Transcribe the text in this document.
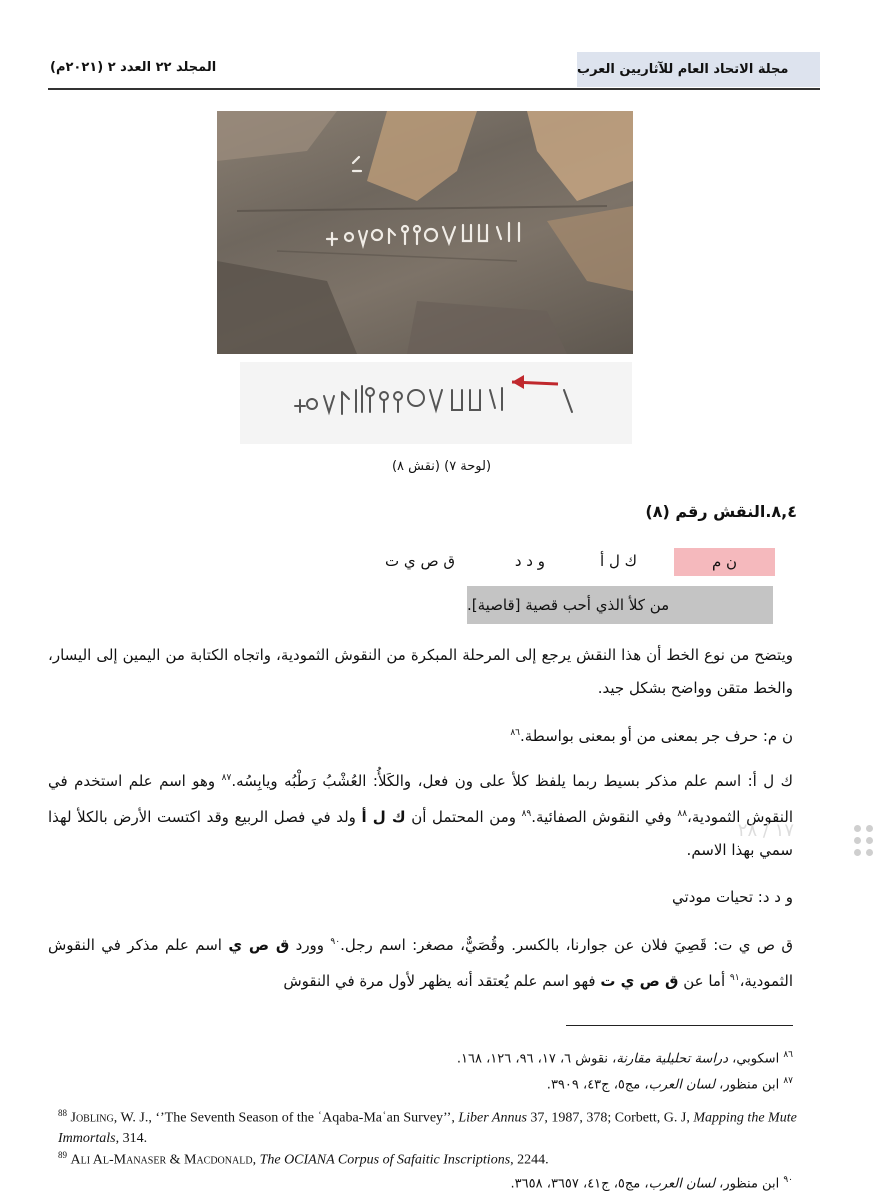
المجلد ٢٢ العدد ٢ (٢٠٢١م)	مجلة الاتحاد العام للآثاريين العرب
(لوحة ٧) (نقش ٨)
٨,٤.النقش رقم (٨)
ن م
ك ل أ
و د د
ق ص ي ت
من كلأ الذي أحب قصية [قاصية].
ويتضح من نوع الخط أن هذا النقش يرجع إلى المرحلة المبكرة من النقوش الثمودية، واتجاه الكتابة من اليمين إلى اليسار، والخط متقن وواضح بشكل جيد.
ن م: حرف جر بمعنى من أو بمعنى بواسطة.$^{٨٦}$
ك ل أ: اسم علم مذكر بسيط ربما يلفظ كلأ على ون فعل، والكَلأُ: العُشْبُ رَطْبُه ويابِسُه.$^{٨٧}$ وهو اسم علم استخدم في النقوش الثمودية،$^{٨٨}$ وفي النقوش الصفائية.$^{٨٩}$ ومن المحتمل أن ك ل أ ولد في فصل الربيع وقد اكتست الأرض بالكلأ لهذا سمي بهذا الاسم.
و د د: تحيات مودتي
ق ص ي ت: قَصِيَ فلان عن جوارنا، بالكسر. وقُصَيٌّ، مصغر: اسم رجل.$^{٩٠}$ وورد ق ص ي اسم علم مذكر في النقوش الثمودية،$^{٩١}$ أما عن ق ص ي ت فهو اسم علم يُعتقد أنه يظهر لأول مرة في النقوش
$^{٨٦}$ اسكوبي، دراسة تحليلية مقارنة، نقوش ٦، ١٧، ٩٦، ١٢٦، ١٦٨.
$^{٨٧}$ ابن منظور، لسان العرب، مج٥، ج٤٣، ٣٩٠٩.
$^{88}$ Jobling, W. J., ‘’The Seventh Season of the ʿAqaba-Maʿan Survey’’, Liber Annus 37, 1987, 378; Corbett, G. J, Mapping the Mute Immortals, 314.
$^{89}$ Ali Al-Manaser & Macdonald, The OCIANA Corpus of Safaitic Inscriptions, 2244.
$^{٩٠}$ ابن منظور، لسان العرب، مج٥، ج٤١، ٣٦٥٧، ٣٦٥٨.
١٧ / ٢٨
